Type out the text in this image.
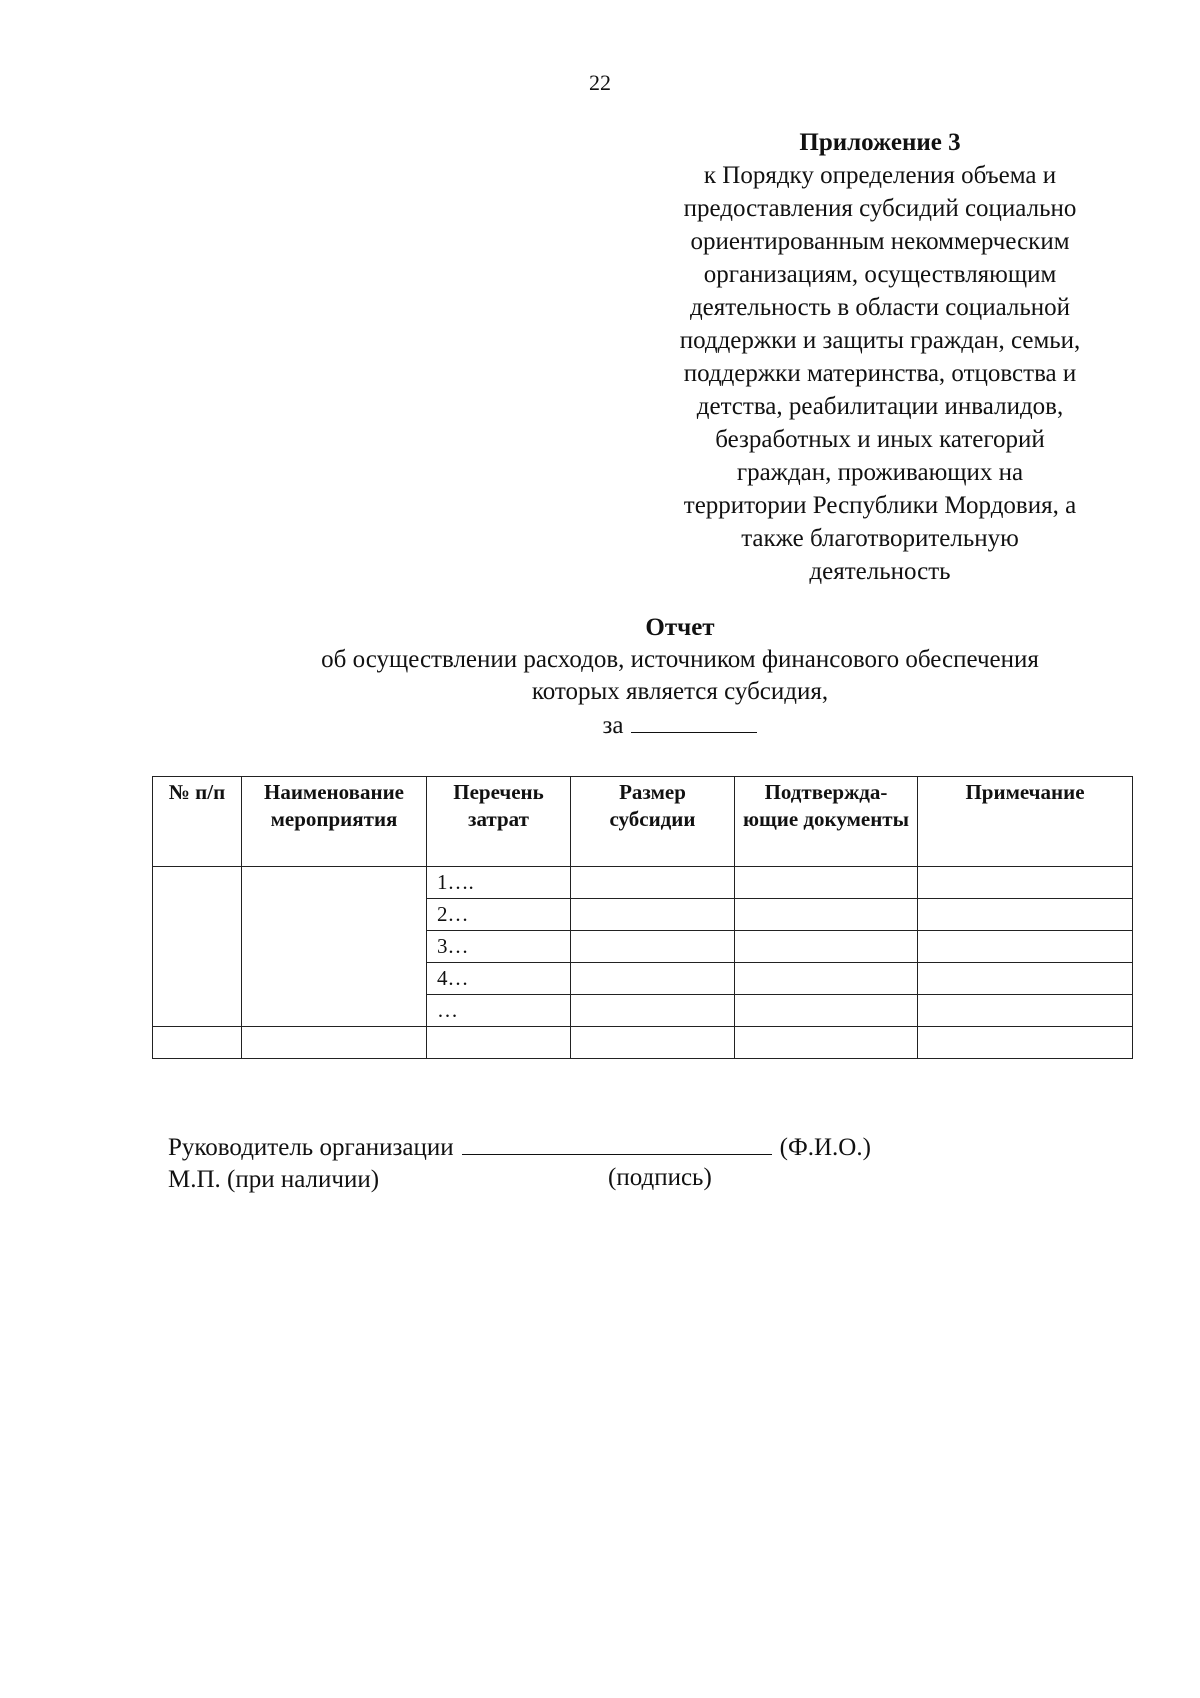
22
Приложение 3
к Порядку определения объема и
предоставления субсидий социально
ориентированным некоммерческим
организациям, осуществляющим
деятельность в области социальной
поддержки и защиты граждан, семьи,
поддержки материнства, отцовства и
детства, реабилитации инвалидов,
безработных и иных категорий
граждан, проживающих на
территории Республики Мордовия, а
также благотворительную
деятельность
Отчет
об осуществлении расходов, источником финансового обеспечения
которых является субсидия,
за
№ п/п	Наименование мероприятия	Перечень затрат	Размер субсидии	Подтвержда-ющие документы	Примечание
		1….			
		2…			
		3…			
		4…			
		…			

Руководитель организации	(Ф.И.О.)
М.П. (при наличии)	(подпись)
